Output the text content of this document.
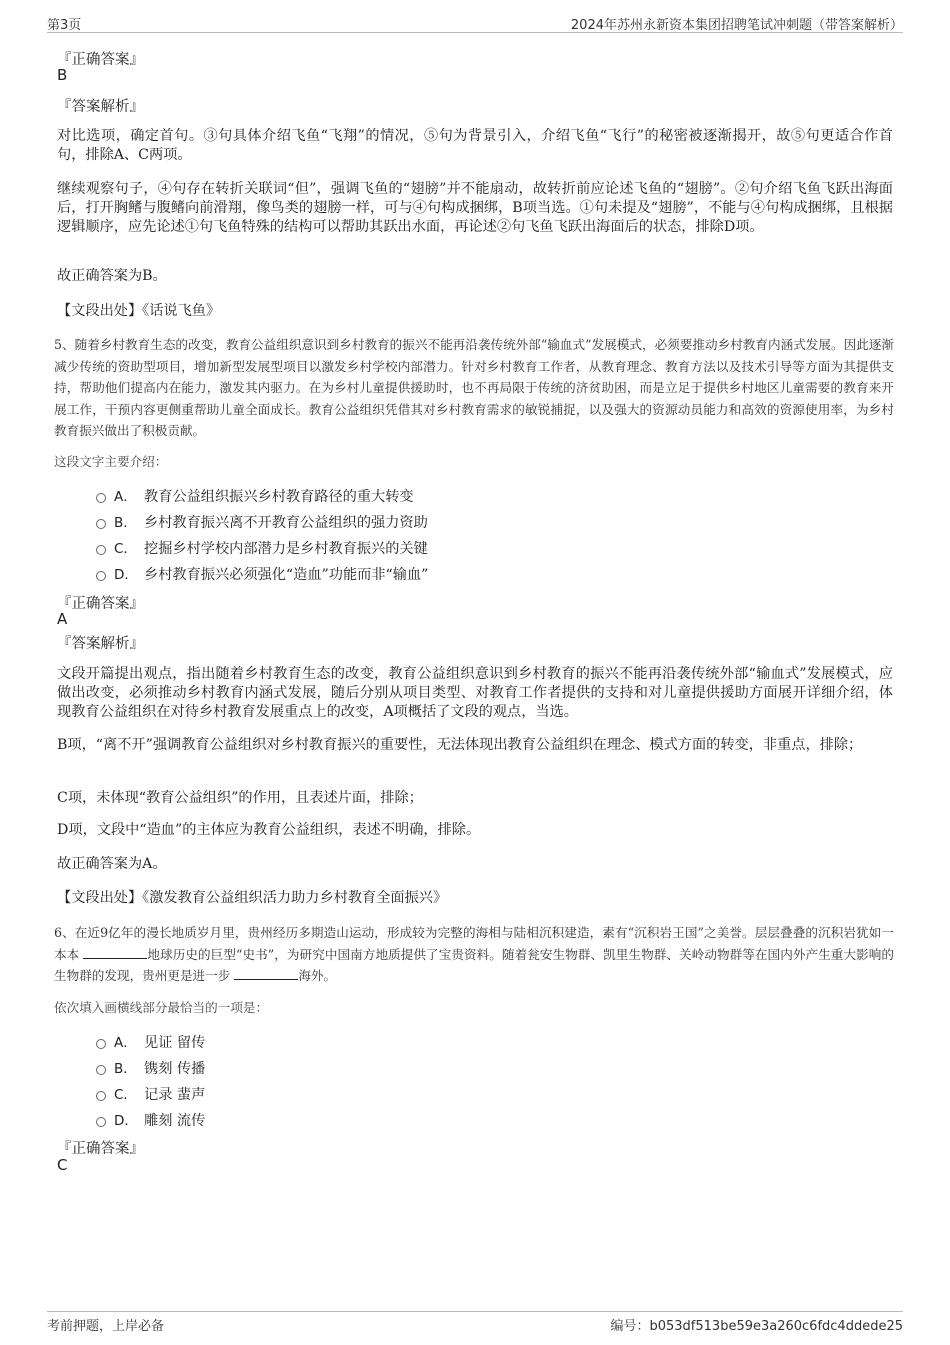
第3页	2024年苏州永新资本集团招聘笔试冲刺题（带答案解析）
『正确答案』
B
『答案解析』
对比选项，确定首句。③句具体介绍飞鱼“飞翔”的情况，⑤句为背景引入，介绍飞鱼“飞行”的秘密被逐渐揭开，故⑤句更适合作首句，排除A、C两项。
继续观察句子，④句存在转折关联词“但”，强调飞鱼的“翅膀”并不能扇动，故转折前应论述飞鱼的“翅膀”。②句介绍飞鱼飞跃出海面后，打开胸鳍与腹鳍向前滑翔，像鸟类的翅膀一样，可与④句构成捆绑，B项当选。①句未提及“翅膀”，不能与④句构成捆绑，且根据逻辑顺序，应先论述①句飞鱼特殊的结构可以帮助其跃出水面，再论述②句飞鱼飞跃出海面后的状态，排除D项。
故正确答案为B。
【文段出处】《话说飞鱼》
5、随着乡村教育生态的改变，教育公益组织意识到乡村教育的振兴不能再沿袭传统外部“输血式”发展模式，必须要推动乡村教育内涵式发展。因此逐渐减少传统的资助型项目，增加新型发展型项目以激发乡村学校内部潜力。针对乡村教育工作者，从教育理念、教育方法以及技术引导等方面为其提供支持，帮助他们提高内在能力，激发其内驱力。在为乡村儿童提供援助时，也不再局限于传统的济贫助困，而是立足于提供乡村地区儿童需要的教育来开展工作，干预内容更侧重帮助儿童全面成长。教育公益组织凭借其对乡村教育需求的敏锐捕捉，以及强大的资源动员能力和高效的资源使用率，为乡村教育振兴做出了积极贡献。
这段文字主要介绍：
A． 教育公益组织振兴乡村教育路径的重大转变
B． 乡村教育振兴离不开教育公益组织的强力资助
C． 挖掘乡村学校内部潜力是乡村教育振兴的关键
D． 乡村教育振兴必须强化“造血”功能而非“输血”
『正确答案』
A
『答案解析』
文段开篇提出观点，指出随着乡村教育生态的改变，教育公益组织意识到乡村教育的振兴不能再沿袭传统外部“输血式”发展模式，应做出改变，必须推动乡村教育内涵式发展，随后分别从项目类型、对教育工作者提供的支持和对儿童提供援助方面展开详细介绍，体现教育公益组织在对待乡村教育发展重点上的改变，A项概括了文段的观点，当选。
B项，“离不开”强调教育公益组织对乡村教育振兴的重要性，无法体现出教育公益组织在理念、模式方面的转变，非重点，排除；
C项，未体现“教育公益组织”的作用，且表述片面，排除；
D项，文段中“造血”的主体应为教育公益组织，表述不明确，排除。
故正确答案为A。
【文段出处】《激发教育公益组织活力助力乡村教育全面振兴》
6、在近9亿年的漫长地质岁月里，贵州经历多期造山运动，形成较为完整的海相与陆相沉积建造，素有“沉积岩王国”之美誉。层层叠叠的沉积岩犹如一本本	地球历史的巨型“史书”，为研究中国南方地质提供了宝贵资料。随着瓮安生物群、凯里生物群、关岭动物群等在国内外产生重大影响的生物群的发现，贵州更是进一步	海外。
依次填入画横线部分最恰当的一项是：
A． 见证 留传
B． 镌刻 传播
C． 记录 蜚声
D． 雕刻 流传
『正确答案』
C
考前押题，上岸必备	编号：b053df513be59e3a260c6fdc4ddede25
